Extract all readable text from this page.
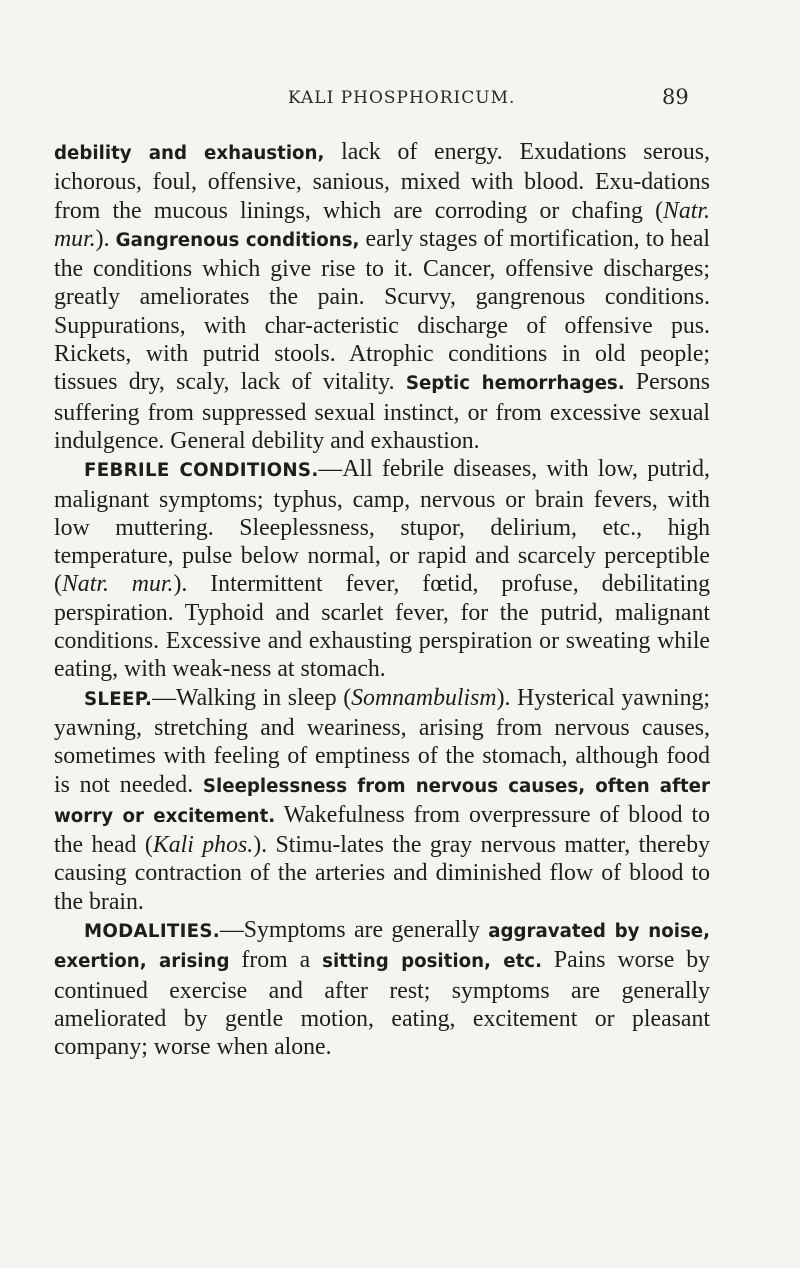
KALI PHOSPHORICUM.	89

debility and exhaustion, lack of energy. Exudations serous, ichorous, foul, offensive, sanious, mixed with blood. Exu-dations from the mucous linings, which are corroding or chafing (Natr. mur.). Gangrenous conditions, early stages of mortification, to heal the conditions which give rise to it. Cancer, offensive discharges; greatly ameliorates the pain. Scurvy, gangrenous conditions. Suppurations, with char-acteristic discharge of offensive pus. Rickets, with putrid stools. Atrophic conditions in old people; tissues dry, scaly, lack of vitality. Septic hemorrhages. Persons suffering from suppressed sexual instinct, or from excessive sexual indulgence. General debility and exhaustion.

FEBRILE CONDITIONS.—All febrile diseases, with low, putrid, malignant symptoms; typhus, camp, nervous or brain fevers, with low muttering. Sleeplessness, stupor, delirium, etc., high temperature, pulse below normal, or rapid and scarcely perceptible (Natr. mur.). Intermittent fever, fœtid, profuse, debilitating perspiration. Typhoid and scarlet fever, for the putrid, malignant conditions. Excessive and exhausting perspiration or sweating while eating, with weak-ness at stomach.

SLEEP.—Walking in sleep (Somnambulism). Hysterical yawning; yawning, stretching and weariness, arising from nervous causes, sometimes with feeling of emptiness of the stomach, although food is not needed. Sleeplessness from nervous causes, often after worry or excitement. Wakefulness from overpressure of blood to the head (Kali phos.). Stimu-lates the gray nervous matter, thereby causing contraction of the arteries and diminished flow of blood to the brain.

MODALITIES.—Symptoms are generally aggravated by noise, exertion, arising from a sitting position, etc. Pains worse by continued exercise and after rest; symptoms are generally ameliorated by gentle motion, eating, excitement or pleasant company; worse when alone.
